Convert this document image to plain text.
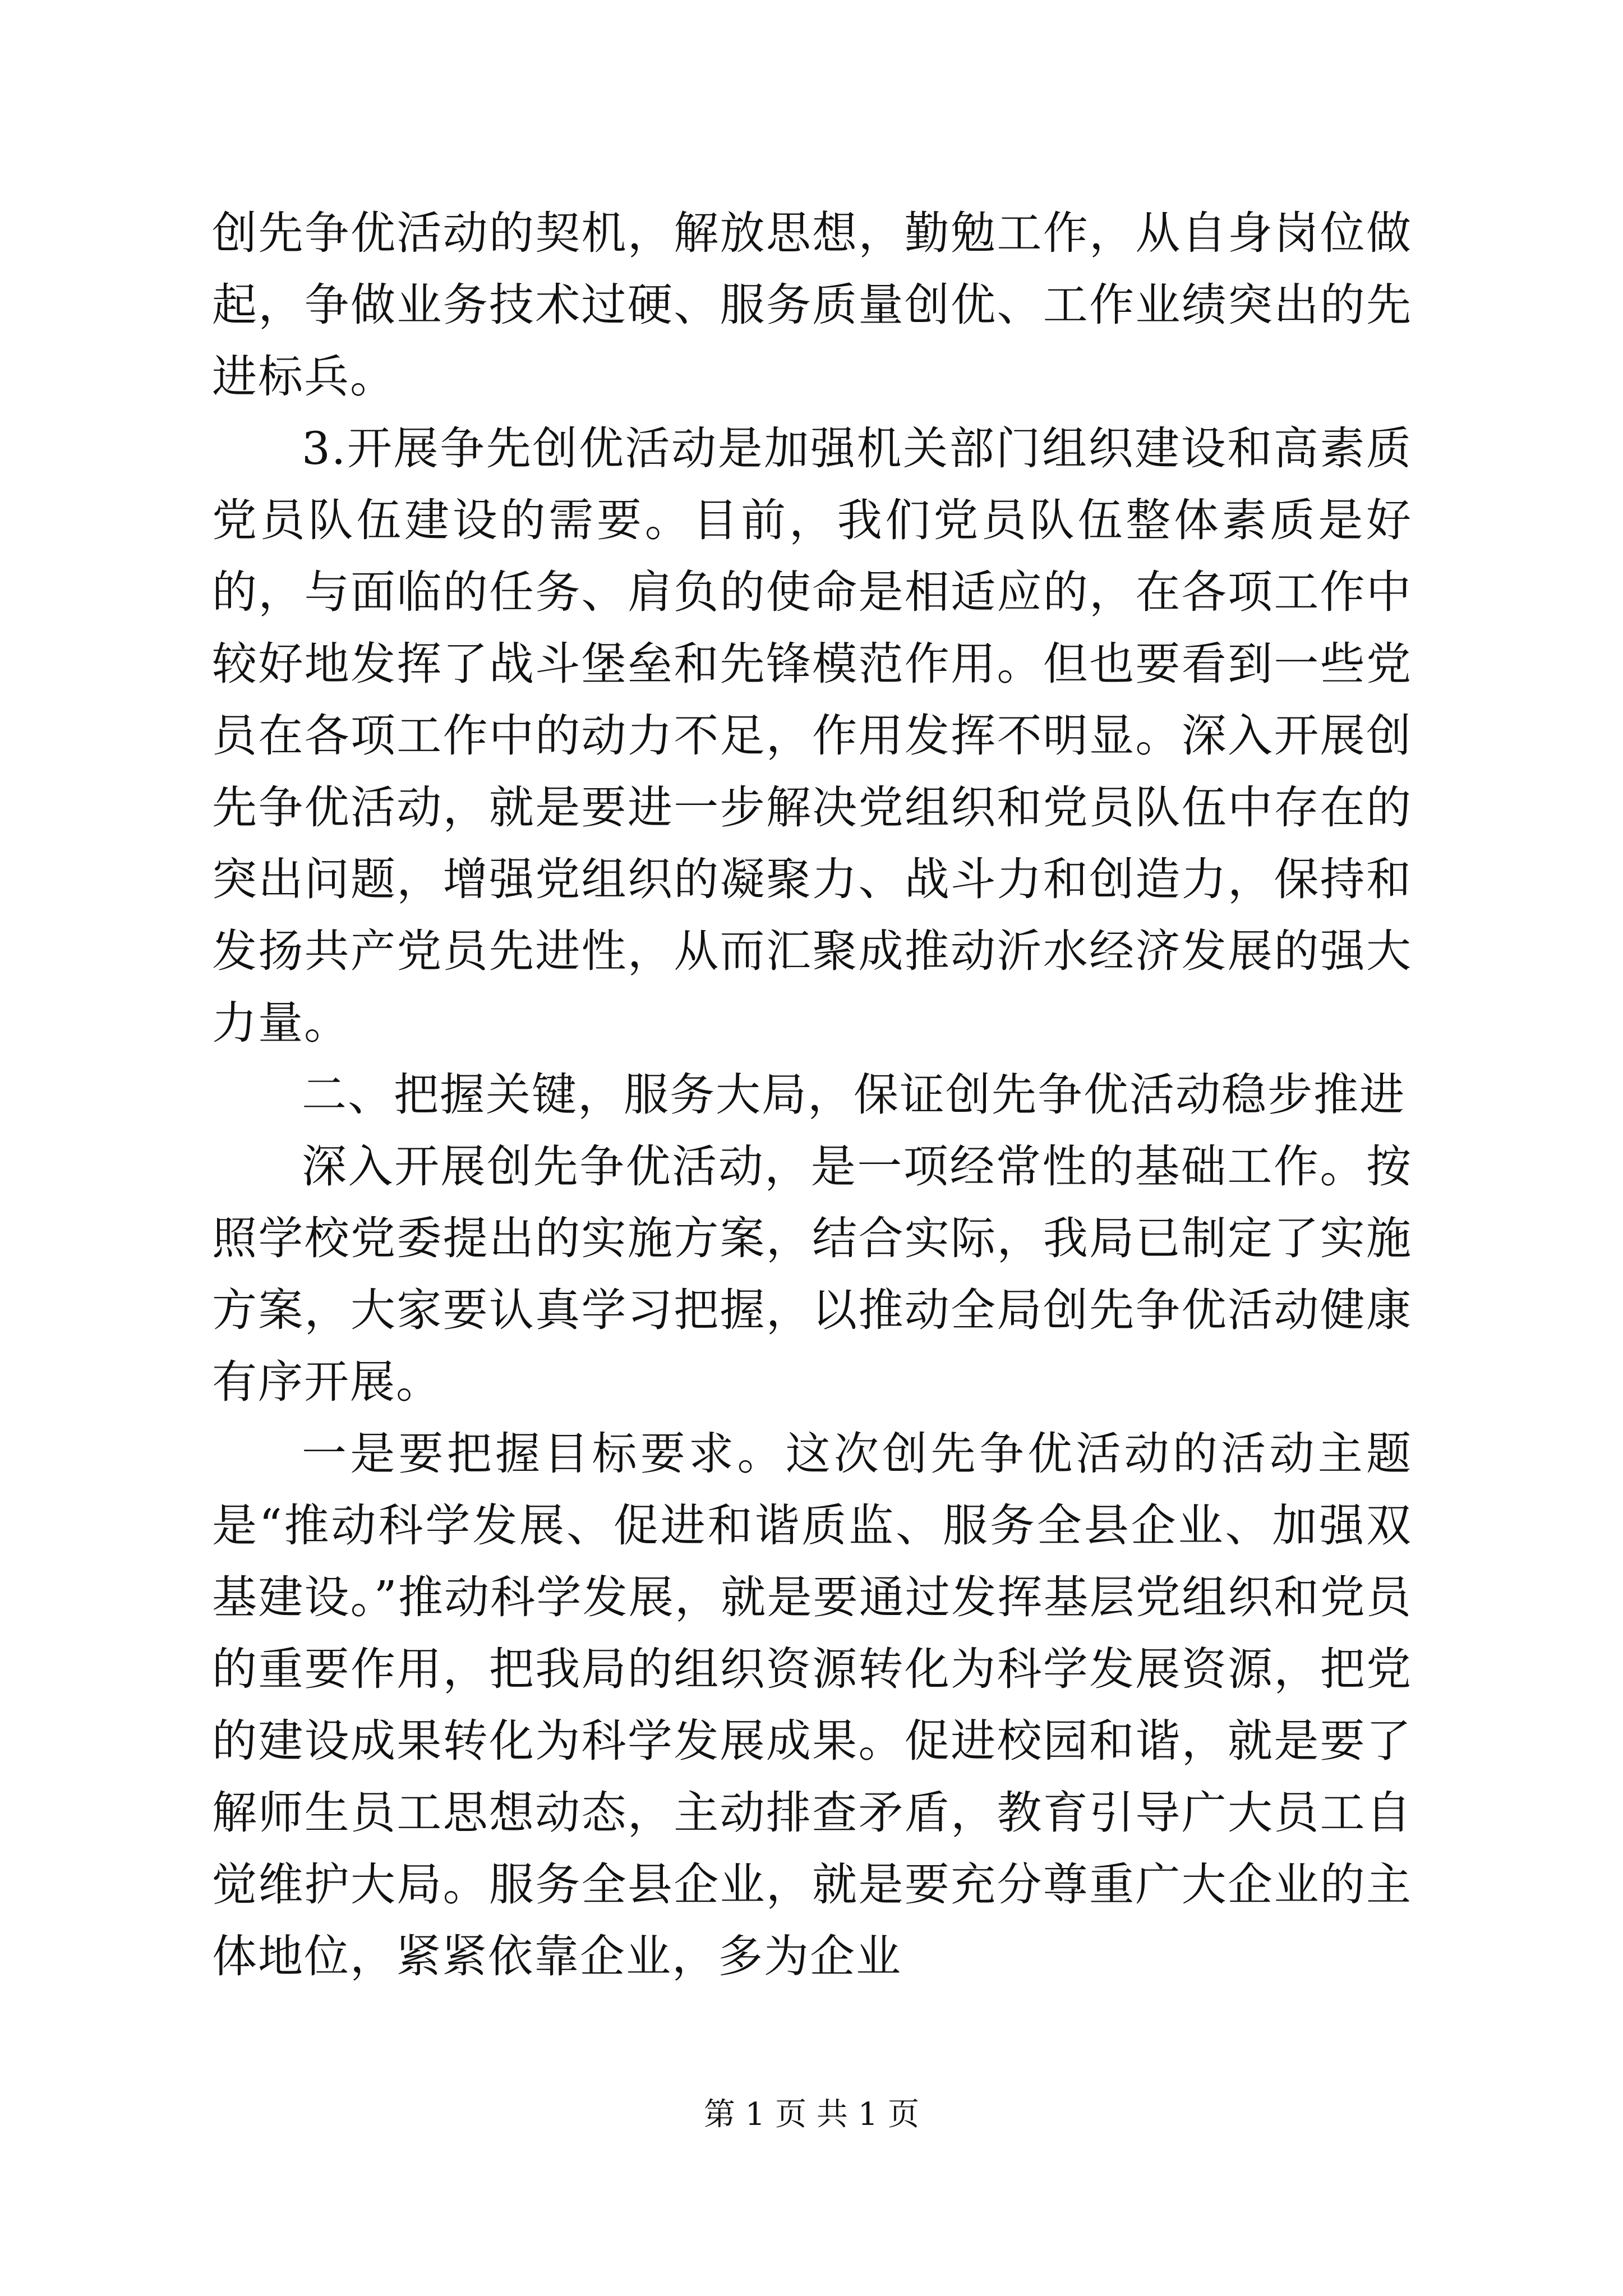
创先争优活动的契机，解放思想，勤勉工作，从自身岗位做起，争做业务技术过硬、服务质量创优、工作业绩突出的先进标兵。

3.开展争先创优活动是加强机关部门组织建设和高素质党员队伍建设的需要。目前，我们党员队伍整体素质是好的，与面临的任务、肩负的使命是相适应的，在各项工作中较好地发挥了战斗堡垒和先锋模范作用。但也要看到一些党员在各项工作中的动力不足，作用发挥不明显。深入开展创先争优活动，就是要进一步解决党组织和党员队伍中存在的突出问题，增强党组织的凝聚力、战斗力和创造力，保持和发扬共产党员先进性，从而汇聚成推动沂水经济发展的强大力量。

二、把握关键，服务大局，保证创先争优活动稳步推进

深入开展创先争优活动，是一项经常性的基础工作。按照学校党委提出的实施方案，结合实际，我局已制定了实施方案，大家要认真学习把握，以推动全局创先争优活动健康有序开展。

一是要把握目标要求。这次创先争优活动的活动主题是“推动科学发展、促进和谐质监、服务全县企业、加强双基建设。”推动科学发展，就是要通过发挥基层党组织和党员的重要作用，把我局的组织资源转化为科学发展资源，把党的建设成果转化为科学发展成果。促进校园和谐，就是要了解师生员工思想动态，主动排查矛盾，教育引导广大员工自觉维护大局。服务全县企业，就是要充分尊重广大企业的主体地位，紧紧依靠企业，多为企业

第 1 页 共 1 页
